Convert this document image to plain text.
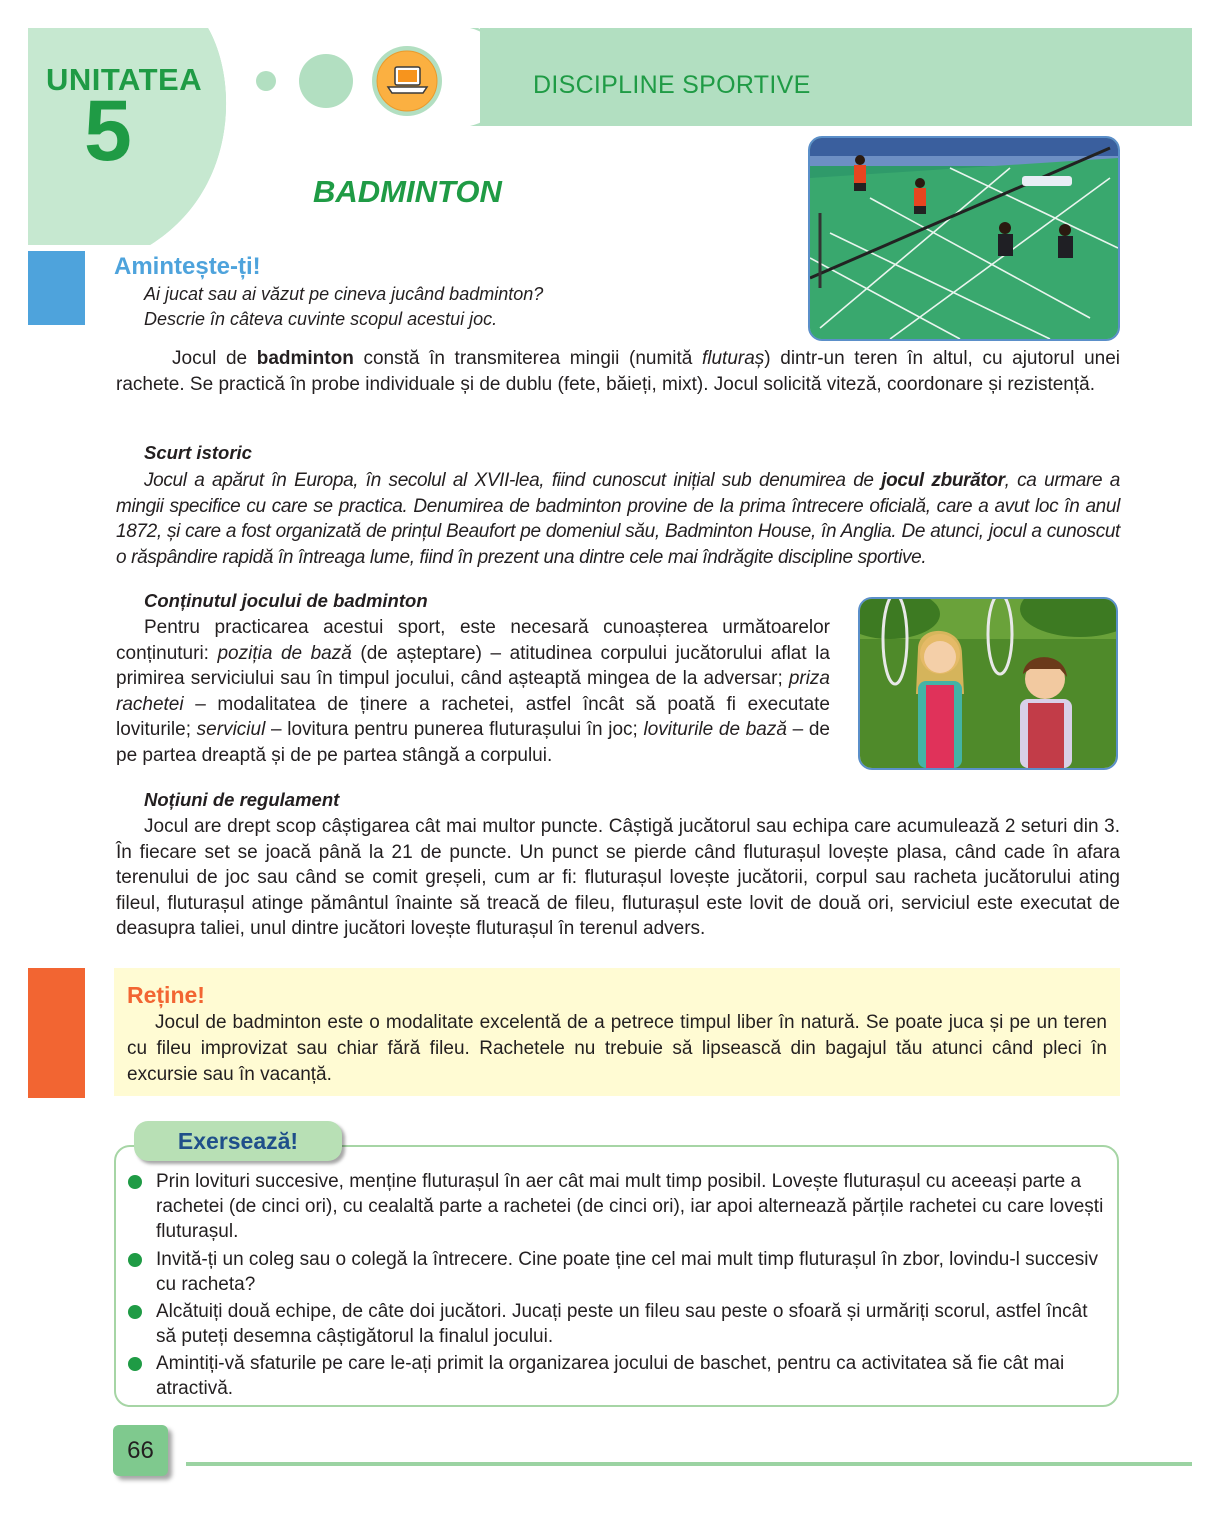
UNITATEA
5	DISCIPLINE SPORTIVE
BADMINTON
Amintește-ți!
Ai jucat sau ai văzut pe cineva jucând badminton?
Descrie în câteva cuvinte scopul acestui joc.
Jocul de badminton constă în transmiterea mingii (numită fluturaș) dintr-un teren în altul, cu ajutorul unei rachete. Se practică în probe individuale și de dublu (fete, băieți, mixt). Jocul solicită viteză, coordonare și rezistență.
Scurt istoric
Jocul a apărut în Europa, în secolul al XVII-lea, fiind cunoscut inițial sub denumirea de jocul zburător, ca urmare a mingii specifice cu care se practica. Denumirea de badminton provine de la prima întrecere oficială, care a avut loc în anul 1872, și care a fost organizată de prințul Beaufort pe domeniul său, Badminton House, în Anglia. De atunci, jocul a cunoscut o răspândire rapidă în întreaga lume, fiind în prezent una dintre cele mai îndrăgite discipline sportive.
Conținutul jocului de badminton
Pentru practicarea acestui sport, este necesară cunoașterea următoarelor conținuturi: poziția de bază (de așteptare) – atitudinea corpului jucătorului aflat la primirea serviciului sau în timpul jocului, când așteaptă mingea de la adversar; priza rachetei – modalitatea de ținere a rachetei, astfel încât să poată fi executate loviturile; serviciul – lovitura pentru punerea fluturașului în joc; loviturile de bază – de pe partea dreaptă și de pe partea stângă a corpului.
Noțiuni de regulament
Jocul are drept scop câștigarea cât mai multor puncte. Câștigă jucătorul sau echipa care acumulează 2 seturi din 3. În fiecare set se joacă până la 21 de puncte. Un punct se pierde când fluturașul lovește plasa, când cade în afara terenului de joc sau când se comit greșeli, cum ar fi: fluturașul lovește jucătorii, corpul sau racheta jucătorului ating fileul, fluturașul atinge pământul înainte să treacă de fileu, fluturașul este lovit de două ori, serviciul este executat de deasupra taliei, unul dintre jucători lovește fluturașul în terenul advers.
Reține!
Jocul de badminton este o modalitate excelentă de a petrece timpul liber în natură. Se poate juca și pe un teren cu fileu improvizat sau chiar fără fileu. Rachetele nu trebuie să lipsească din bagajul tău atunci când pleci în excursie sau în vacanță.
Exersează!
Prin lovituri succesive, menține fluturașul în aer cât mai mult timp posibil. Lovește fluturașul cu aceeași parte a rachetei (de cinci ori), cu cealaltă parte a rachetei (de cinci ori), iar apoi alternează părțile rachetei cu care lovești fluturașul.
Invită-ți un coleg sau o colegă la întrecere. Cine poate ține cel mai mult timp fluturașul în zbor, lovindu-l succesiv cu racheta?
Alcătuiți două echipe, de câte doi jucători. Jucați peste un fileu sau peste o sfoară și urmăriți scorul, astfel încât să puteți desemna câștigătorul la finalul jocului.
Amintiți-vă sfaturile pe care le-ați primit la organizarea jocului de baschet, pentru ca activitatea să fie cât mai atractivă.
66
